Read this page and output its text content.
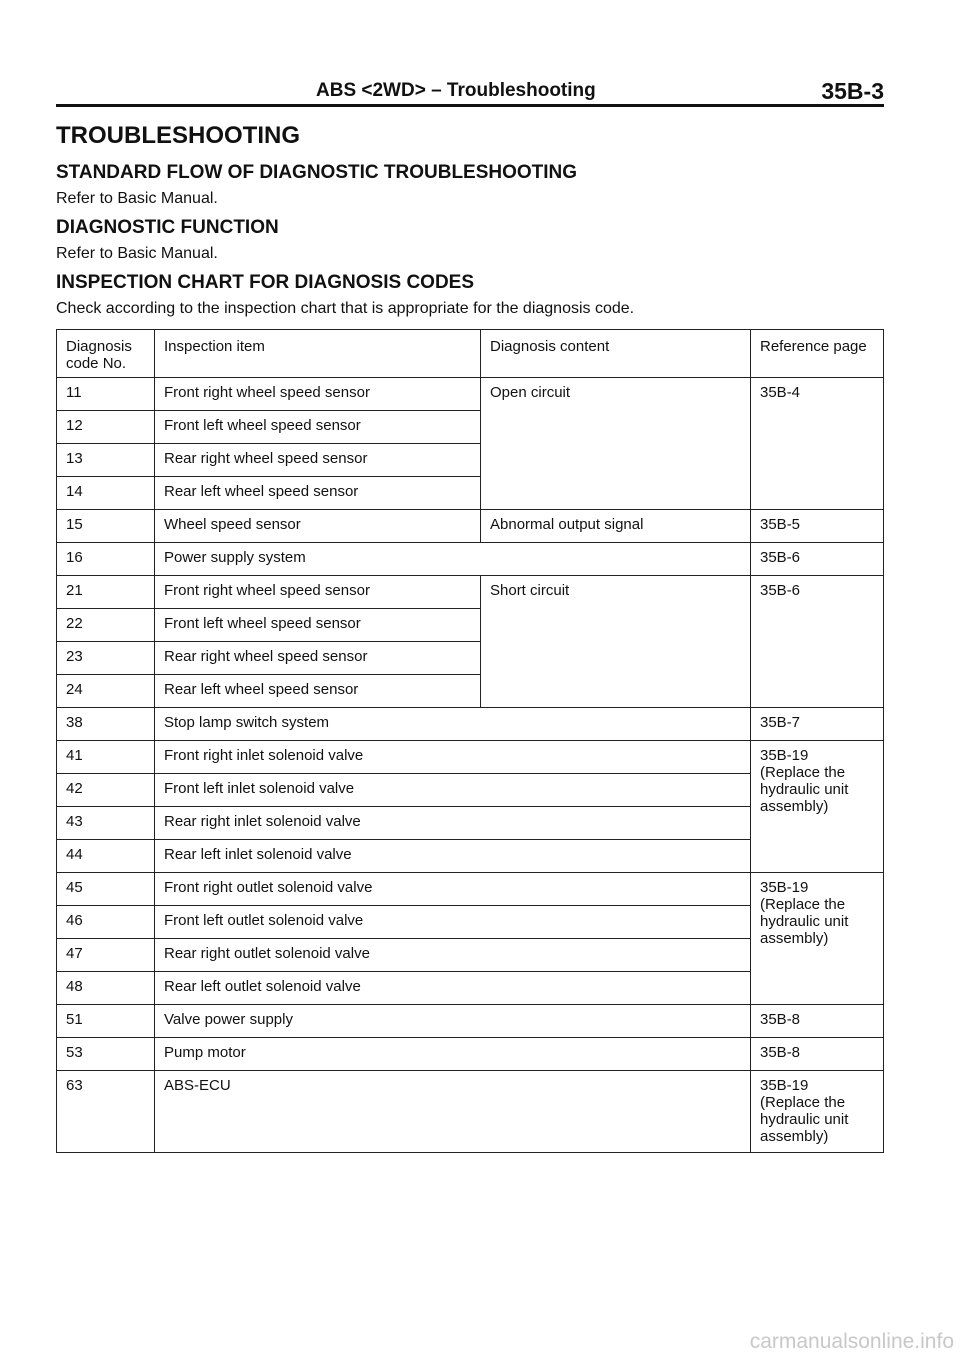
ABS <2WD> – Troubleshooting	35B-3
TROUBLESHOOTING
STANDARD FLOW OF DIAGNOSTIC TROUBLESHOOTING
Refer to Basic Manual.
DIAGNOSTIC FUNCTION
Refer to Basic Manual.
INSPECTION CHART FOR DIAGNOSIS CODES
Check according to the inspection chart that is appropriate for the diagnosis code.
Diagnosis code No.	Inspection item	Diagnosis content	Reference page
11	Front right wheel speed sensor	Open circuit	35B-4
12	Front left wheel speed sensor		
13	Rear right wheel speed sensor		
14	Rear left wheel speed sensor		
15	Wheel speed sensor	Abnormal output signal	35B-5
16	Power supply system		35B-6
21	Front right wheel speed sensor	Short circuit	35B-6
22	Front left wheel speed sensor		
23	Rear right wheel speed sensor		
24	Rear left wheel speed sensor		
38	Stop lamp switch system		35B-7
41	Front right inlet solenoid valve		35B-19
(Replace the
hydraulic unit
assembly)
42	Front left inlet solenoid valve		
43	Rear right inlet solenoid valve		
44	Rear left inlet solenoid valve		
45	Front right outlet solenoid valve		35B-19
(Replace the
hydraulic unit
assembly)
46	Front left outlet solenoid valve		
47	Rear right outlet solenoid valve		
48	Rear left outlet solenoid valve		
51	Valve power supply		35B-8
53	Pump motor		35B-8
63	ABS-ECU		35B-19
(Replace the
hydraulic unit
assembly)
carmanualsonline.info
